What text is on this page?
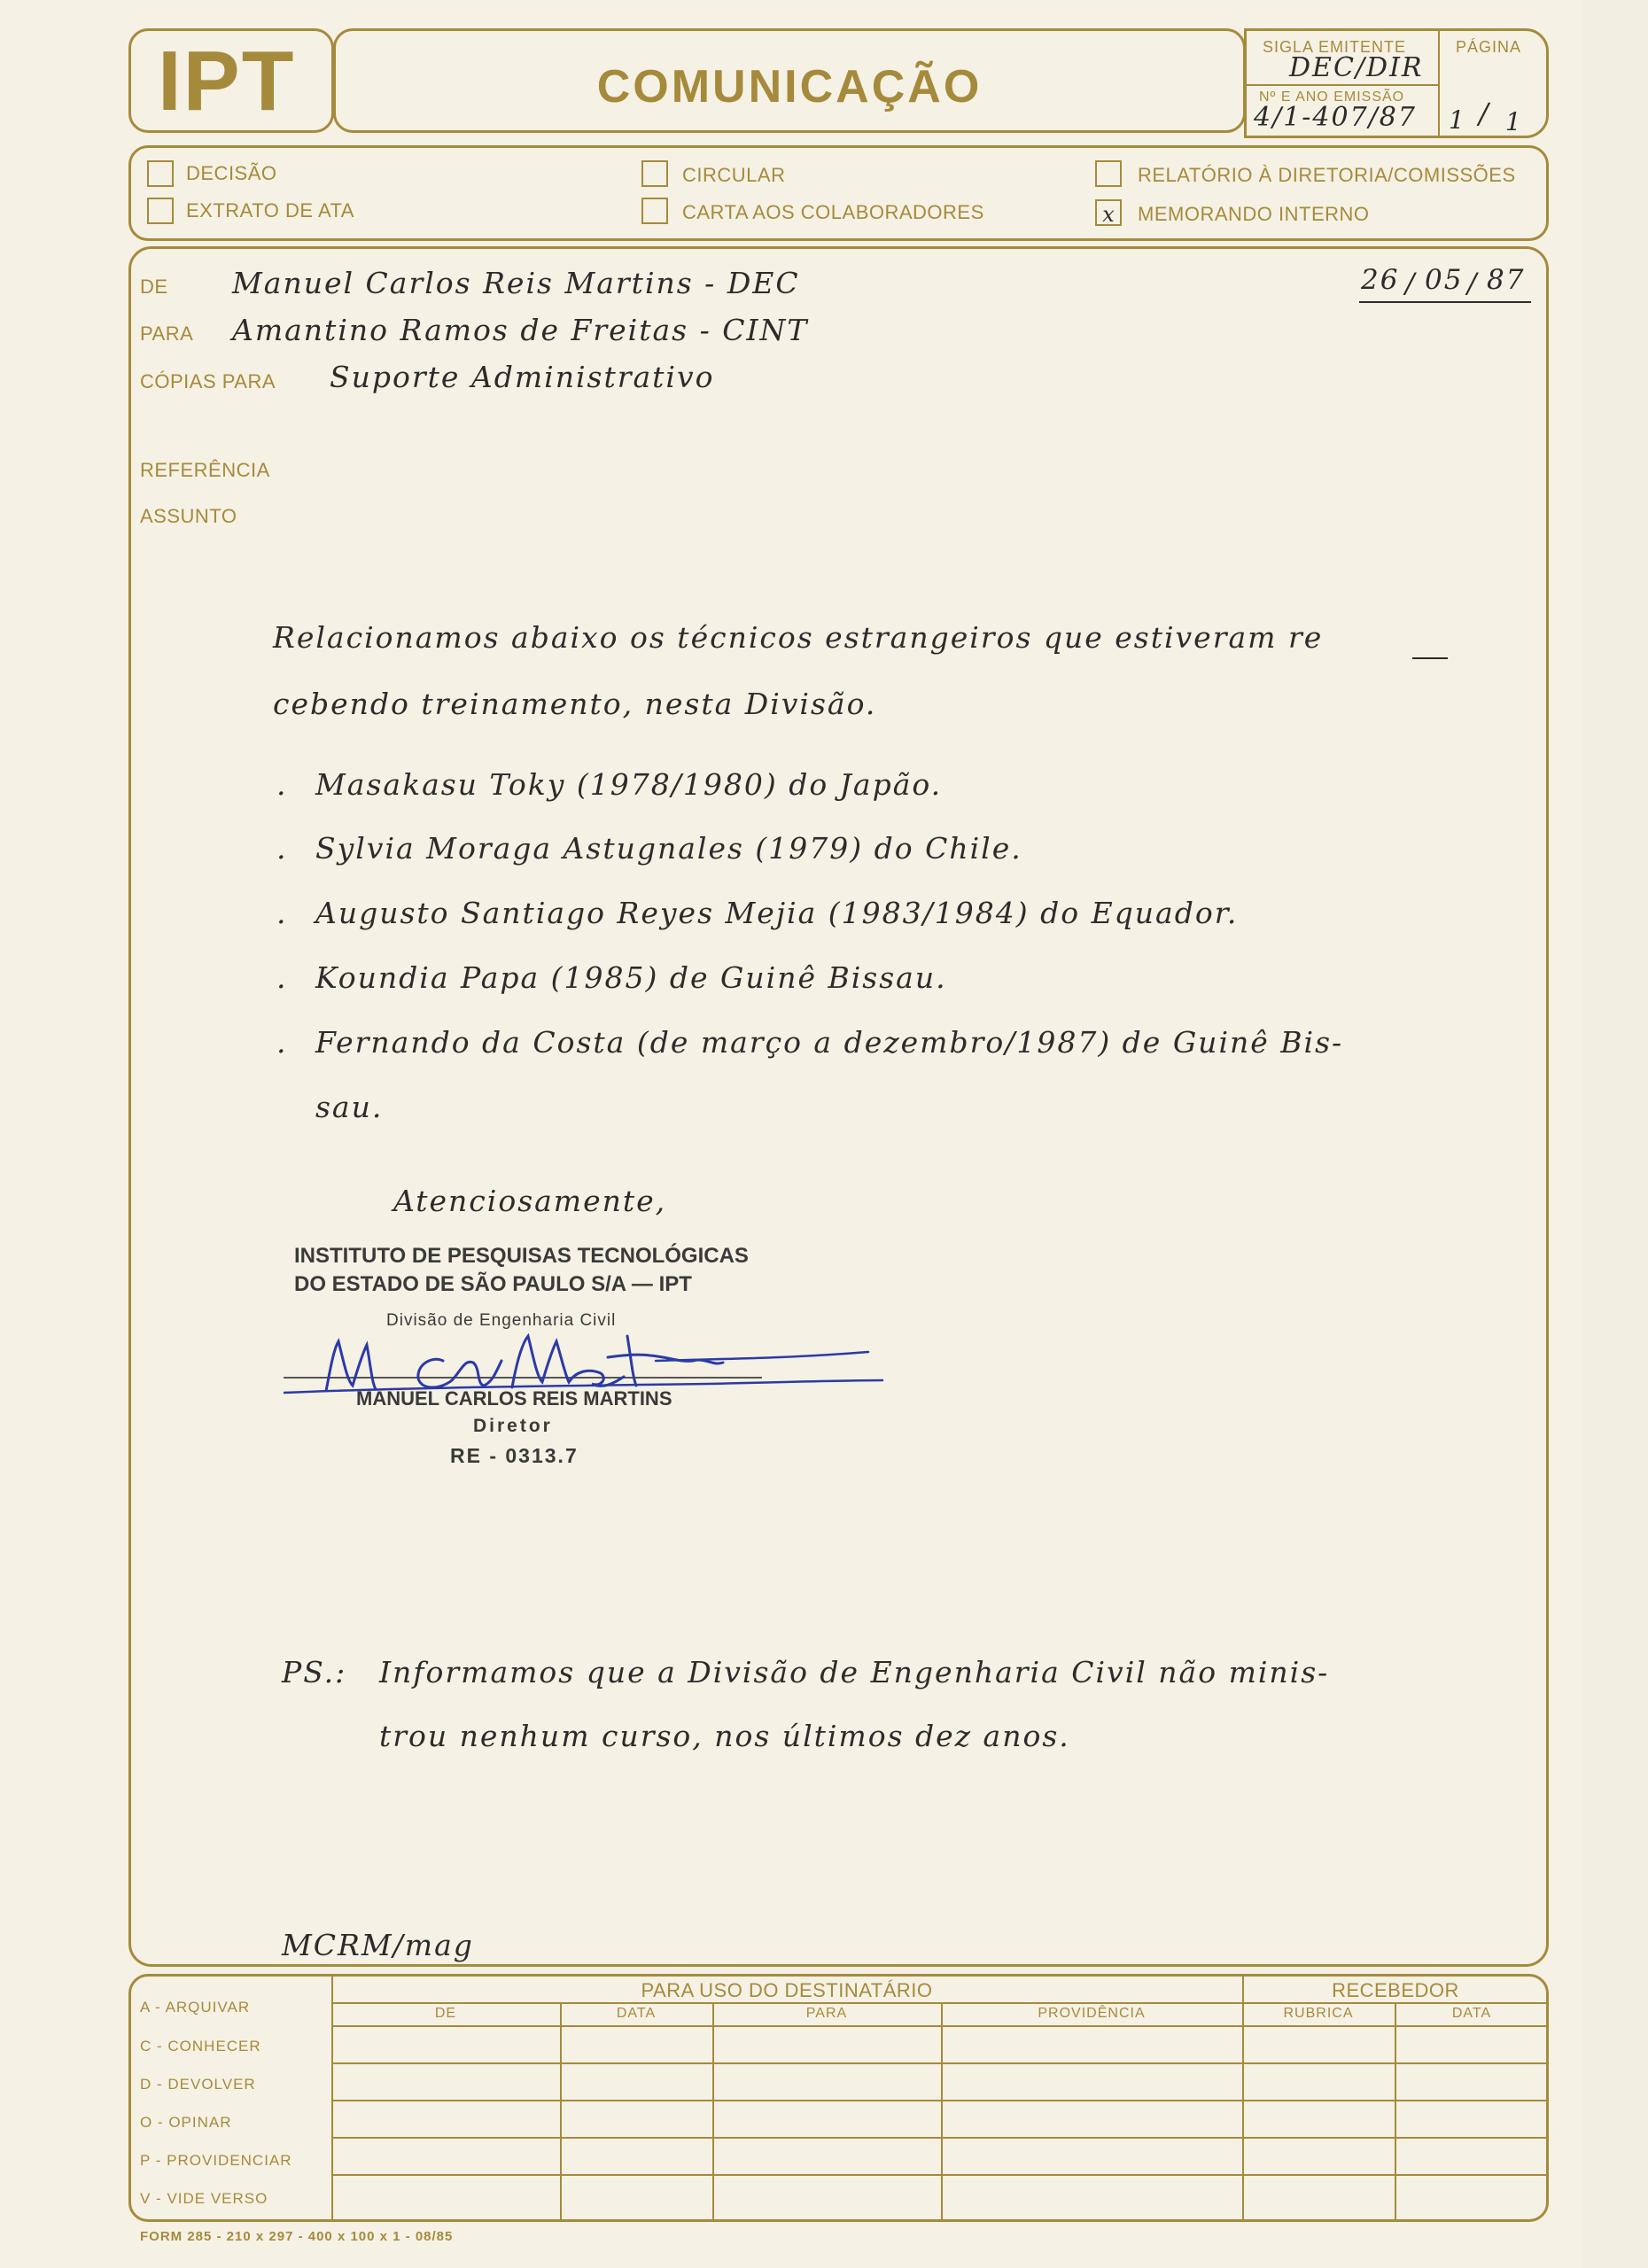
IPT	COMUNICAÇÃO
SIGLA EMITENTE
DEC/DIR
Nº E ANO EMISSÃO
4/1-407/87
PÁGINA
1 / 1
DECISÃO
EXTRATO DE ATA
CIRCULAR
CARTA AOS COLABORADORES
RELATÓRIO À DIRETORIA/COMISSÕES
x	MEMORANDO INTERNO
DE Manuel Carlos Reis Martins - DEC	26 / 05 / 87
PARA Amantino Ramos de Freitas - CINT
CÓPIAS PARA Suporte Administrativo
REFERÊNCIA
ASSUNTO
Relacionamos abaixo os técnicos estrangeiros que estiveram re
cebendo treinamento, nesta Divisão.
. Masakasu Toky (1978/1980) do Japão.
. Sylvia Moraga Astugnales (1979) do Chile.
. Augusto Santiago Reyes Mejia (1983/1984) do Equador.
. Koundia Papa (1985) de Guinê Bissau.
. Fernando da Costa (de março a dezembro/1987) de Guinê Bis-
sau.
Atenciosamente,
INSTITUTO DE PESQUISAS TECNOLÓGICAS
DO ESTADO DE SÃO PAULO S/A — IPT
Divisão de Engenharia Civil
MANUEL CARLOS REIS MARTINS
Diretor
RE - 0313.7
PS.: Informamos que a Divisão de Engenharia Civil não minis-
trou nenhum curso, nos últimos dez anos.
MCRM/mag
A - ARQUIVAR
C - CONHECER
D - DEVOLVER
O - OPINAR
P - PROVIDENCIAR
V - VIDE VERSO
PARA USO DO DESTINATÁRIO	RECEBEDOR
DE	DATA	PARA	PROVIDÊNCIA	RUBRICA	DATA
FORM 285 - 210 x 297 - 400 x 100 x 1 - 08/85
